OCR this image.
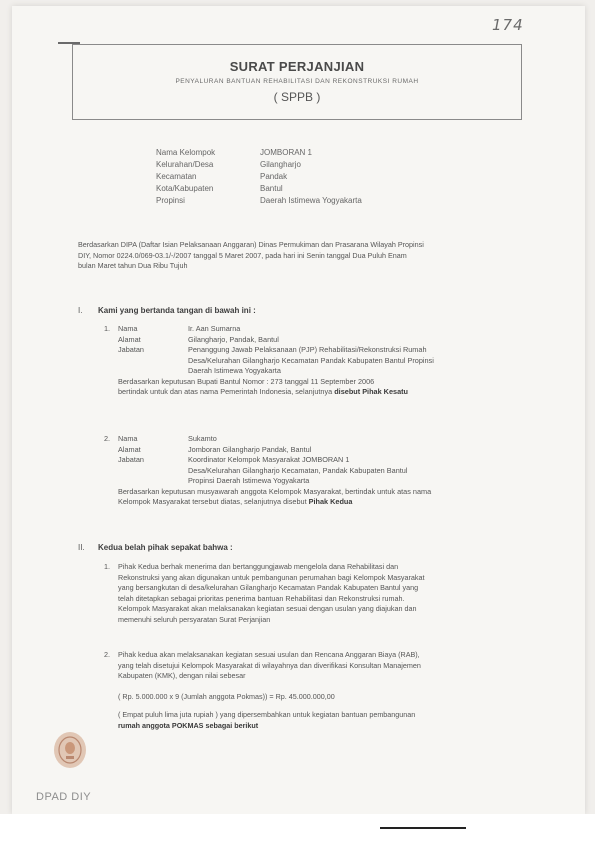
174
SURAT PERJANJIAN
PENYALURAN BANTUAN REHABILITASI DAN REKONSTRUKSI RUMAH
( SPPB )
Nama Kelompok	JOMBORAN 1
Kelurahan/Desa	Gilangharjo
Kecamatan	Pandak
Kota/Kabupaten	Bantul
Propinsi	Daerah Istimewa Yogyakarta
Berdasarkan DIPA (Daftar Isian Pelaksanaan Anggaran) Dinas Permukiman dan Prasarana Wilayah Propinsi
DIY, Nomor 0224.0/069-03.1/-/2007 tanggal 5 Maret 2007, pada hari ini Senin tanggal Dua Puluh Enam
bulan Maret tahun Dua Ribu Tujuh
I. Kami yang bertanda tangan di bawah ini :
1.	Nama	Ir. Aan Sumarna
Alamat	Gilangharjo, Pandak, Bantul
Jabatan	Penanggung Jawab Pelaksanaan (PJP) Rehabilitasi/Rekonstruksi Rumah
Desa/Kelurahan Gilangharjo Kecamatan Pandak Kabupaten Bantul Propinsi
Daerah Istimewa Yogyakarta
Berdasarkan keputusan Bupati Bantul Nomor : 273 tanggal 11 September 2006
bertindak untuk dan atas nama Pemerintah Indonesia, selanjutnya disebut Pihak Kesatu
2.	Nama	Sukamto
Alamat	Jomboran Gilangharjo Pandak, Bantul
Jabatan	Koordinator Kelompok Masyarakat JOMBORAN 1
Desa/Kelurahan Gilangharjo Kecamatan, Pandak Kabupaten Bantul
Propinsi Daerah Istimewa Yogyakarta
Berdasarkan keputusan musyawarah anggota Kelompok Masyarakat, bertindak untuk atas nama
Kelompok Masyarakat tersebut diatas, selanjutnya disebut Pihak Kedua
II. Kedua belah pihak sepakat bahwa :
1. Pihak Kedua berhak menerima dan bertanggungjawab mengelola dana Rehabilitasi dan
Rekonstruksi yang akan digunakan untuk pembangunan perumahan bagi Kelompok Masyarakat
yang bersangkutan di desa/kelurahan Gilangharjo Kecamatan Pandak Kabupaten Bantul yang
telah ditetapkan sebagai prioritas penerima bantuan Rehabilitasi dan Rekonstruksi rumah.
Kelompok Masyarakat akan melaksanakan kegiatan sesuai dengan usulan yang diajukan dan
memenuhi seluruh persyaratan Surat Perjanjian
2. Pihak kedua akan melaksanakan kegiatan sesuai usulan dan Rencana Anggaran Biaya (RAB),
yang telah disetujui Kelompok Masyarakat di wilayahnya dan diverifikasi Konsultan Manajemen
Kabupaten (KMK), dengan nilai sebesar
( Rp. 5.000.000 x 9 (Jumlah anggota Pokmas)) = Rp. 45.000.000,00
( Empat puluh lima juta rupiah ) yang dipersembahkan untuk kegiatan bantuan pembangunan
rumah anggota POKMAS sebagai berikut
DPAD DIY
